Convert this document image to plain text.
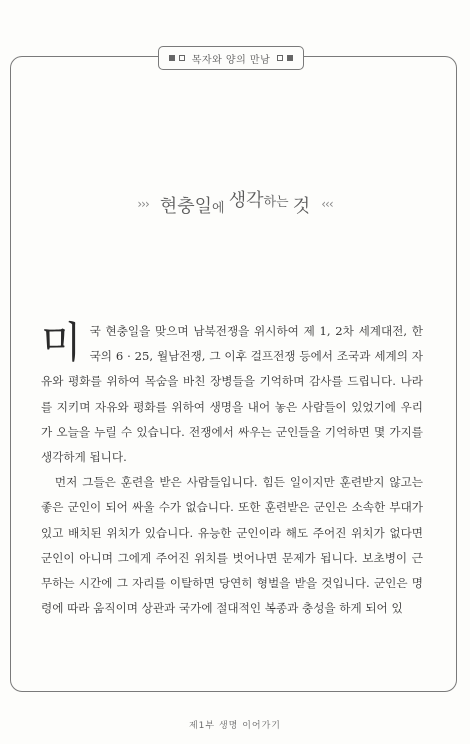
목자와 양의 만남
››› 현충일에 생각$^{하는}$ 것 ‹‹‹

미국 현충일을 맞으며 남북전쟁을 위시하여 제 1, 2차 세계대전, 한국의 6 · 25, 월남전쟁, 그 이후 걸프전쟁 등에서 조국과 세계의 자유와 평화를 위하여 목숨을 바친 장병들을 기억하며 감사를 드립니다. 나라를 지키며 자유와 평화를 위하여 생명을 내어 놓은 사람들이 있었기에 우리가 오늘을 누릴 수 있습니다. 전쟁에서 싸우는 군인들을 기억하면 몇 가지를 생각하게 됩니다.

먼저 그들은 훈련을 받은 사람들입니다. 힘든 일이지만 훈련받지 않고는 좋은 군인이 되어 싸울 수가 없습니다. 또한 훈련받은 군인은 소속한 부대가 있고 배치된 위치가 있습니다. 유능한 군인이라 해도 주어진 위치가 없다면 군인이 아니며 그에게 주어진 위치를 벗어나면 문제가 됩니다. 보초병이 근무하는 시간에 그 자리를 이탈하면 당연히 형벌을 받을 것입니다. 군인은 명령에 따라 움직이며 상관과 국가에 절대적인 복종과 충성을 하게 되어 있

제1부 생명 이어가기
